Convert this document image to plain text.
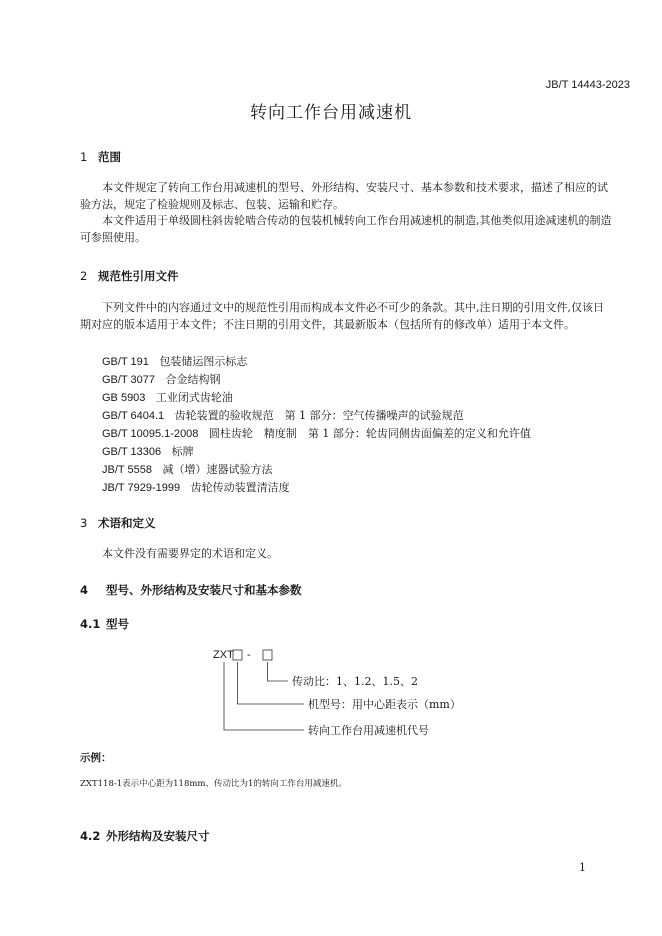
JB/T 14443-2023
转向工作台用减速机
1 范围
本文件规定了转向工作台用减速机的型号、外形结构、安装尺寸、基本参数和技术要求，描述了相应的试验方法，规定了检验规则及标志、包装、运输和贮存。
本文件适用于单级圆柱斜齿轮啮合传动的包装机械转向工作台用减速机的制造,其他类似用途减速机的制造可参照使用。
2 规范性引用文件
下列文件中的内容通过文中的规范性引用而构成本文件必不可少的条款。其中,注日期的引用文件,仅该日期对应的版本适用于本文件；不注日期的引用文件，其最新版本（包括所有的修改单）适用于本文件。
GB/T 191 包装储运图示标志
GB/T 3077 合金结构钢
GB 5903 工业闭式齿轮油
GB/T 6404.1 齿轮装置的验收规范　第 1 部分：空气传播噪声的试验规范
GB/T 10095.1-2008 圆柱齿轮　精度制　第 1 部分：轮齿同侧齿面偏差的定义和允许值
GB/T 13306 标牌
JB/T 5558 减（增）速器试验方法
JB/T 7929-1999 齿轮传动装置清洁度
3 术语和定义
本文件没有需要界定的术语和定义。
4 型号、外形结构及安装尺寸和基本参数
4.1 型号
ZXT -
传动比：1、1.2、1.5、2
机型号：用中心距表示（mm）
转向工作台用减速机代号
示例：
ZXT118-1表示中心距为118mm、传动比为1的转向工作台用减速机。
4.2 外形结构及安装尺寸
1
